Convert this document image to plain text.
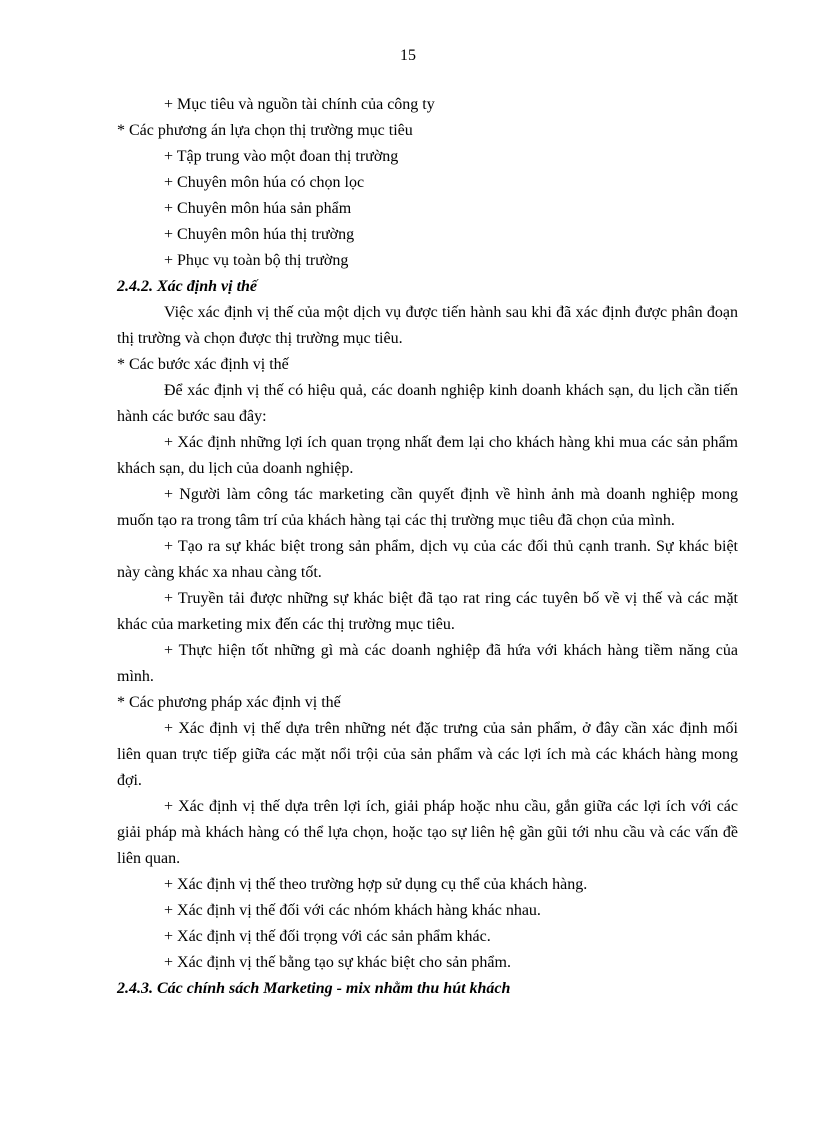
15
+ Mục tiêu và nguồn tài chính của công ty
* Các phương án lựa chọn thị trường mục tiêu
+ Tập trung vào một đoan thị trường
+ Chuyên môn húa có chọn lọc
+ Chuyên môn húa sản phẩm
+ Chuyên môn húa thị trường
+ Phục vụ toàn bộ thị trường
2.4.2. Xác định vị thế
Việc xác định vị thế của một dịch vụ được tiến hành sau khi đã xác định được phân đoạn thị trường và chọn được thị trường mục tiêu.
* Các bước xác định vị thế
Để xác định vị thế có hiệu quả, các doanh nghiệp kinh doanh khách sạn, du lịch cần tiến hành các bước sau đây:
+ Xác định những lợi ích quan trọng nhất đem lại cho khách hàng khi mua các sản phẩm khách sạn, du lịch của doanh nghiệp.
+ Người làm công tác marketing cần quyết định về hình ảnh mà doanh nghiệp mong muốn tạo ra trong tâm trí của khách hàng tại các thị trường mục tiêu đã chọn của mình.
+ Tạo ra sự khác biệt trong sản phẩm, dịch vụ của các đối thủ cạnh tranh. Sự khác biệt này càng khác xa nhau càng tốt.
+ Truyền tải được những sự khác biệt đã tạo rat ring các tuyên bố về vị thế và các mặt khác của marketing mix đến các thị trường mục tiêu.
+ Thực hiện tốt những gì mà các doanh nghiệp đã hứa với khách hàng tiềm năng của mình.
* Các phương pháp xác định vị thế
+ Xác định vị thế dựa trên những nét đặc trưng của sản phẩm, ở đây cần xác định mối liên quan trực tiếp giữa các mặt nổi trội của sản phẩm và các lợi ích mà các khách hàng mong đợi.
+ Xác định vị thế dựa trên lợi ích, giải pháp hoặc nhu cầu, gắn giữa các lợi ích với các giải pháp mà khách hàng có thể lựa chọn, hoặc tạo sự liên hệ gần gũi tới nhu cầu và các vấn đề liên quan.
+ Xác định vị thế theo trường hợp sử dụng cụ thể của khách hàng.
+ Xác định vị thế đối với các nhóm khách hàng khác nhau.
+ Xác định vị thế đối trọng với các sản phẩm khác.
+ Xác định vị thế bằng tạo sự khác biệt cho sản phẩm.
2.4.3. Các chính sách Marketing - mix nhằm thu hút khách
